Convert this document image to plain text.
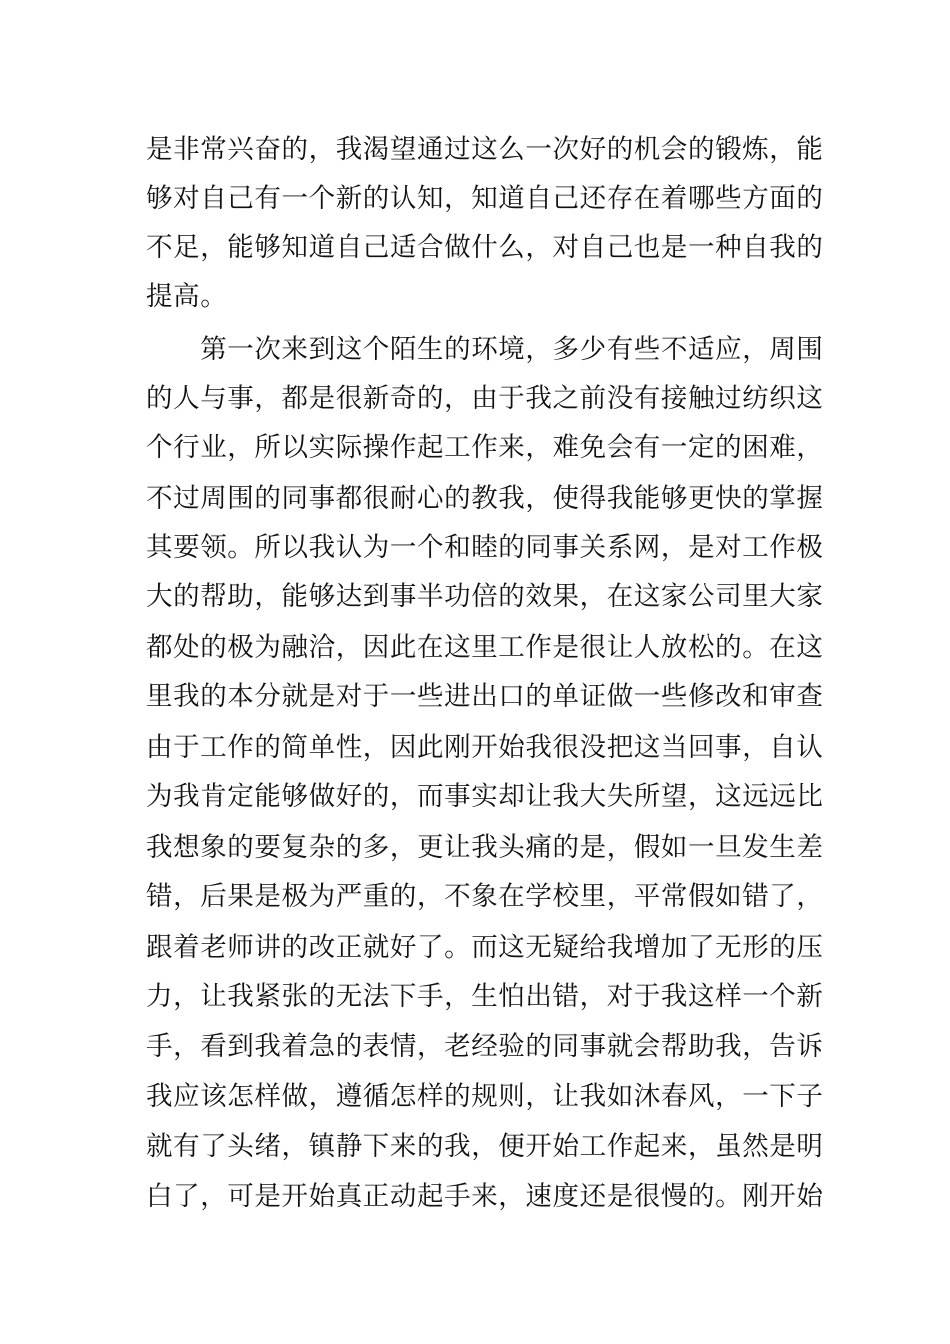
是非常兴奋的，我渴望通过这么一次好的机会的锻炼，能
够对自己有一个新的认知，知道自己还存在着哪些方面的
不足，能够知道自己适合做什么，对自己也是一种自我的
提高。
　　第一次来到这个陌生的环境，多少有些不适应，周围
的人与事，都是很新奇的，由于我之前没有接触过纺织这
个行业，所以实际操作起工作来，难免会有一定的困难，
不过周围的同事都很耐心的教我，使得我能够更快的掌握
其要领。所以我认为一个和睦的同事关系网，是对工作极
大的帮助，能够达到事半功倍的效果，在这家公司里大家
都处的极为融洽，因此在这里工作是很让人放松的。在这
里我的本分就是对于一些进出口的单证做一些修改和审查
由于工作的简单性，因此刚开始我很没把这当回事，自认
为我肯定能够做好的，而事实却让我大失所望，这远远比
我想象的要复杂的多，更让我头痛的是，假如一旦发生差
错，后果是极为严重的，不象在学校里，平常假如错了，
跟着老师讲的改正就好了。而这无疑给我增加了无形的压
力，让我紧张的无法下手，生怕出错，对于我这样一个新
手，看到我着急的表情，老经验的同事就会帮助我，告诉
我应该怎样做，遵循怎样的规则，让我如沐春风，一下子
就有了头绪，镇静下来的我，便开始工作起来，虽然是明
白了，可是开始真正动起手来，速度还是很慢的。刚开始
